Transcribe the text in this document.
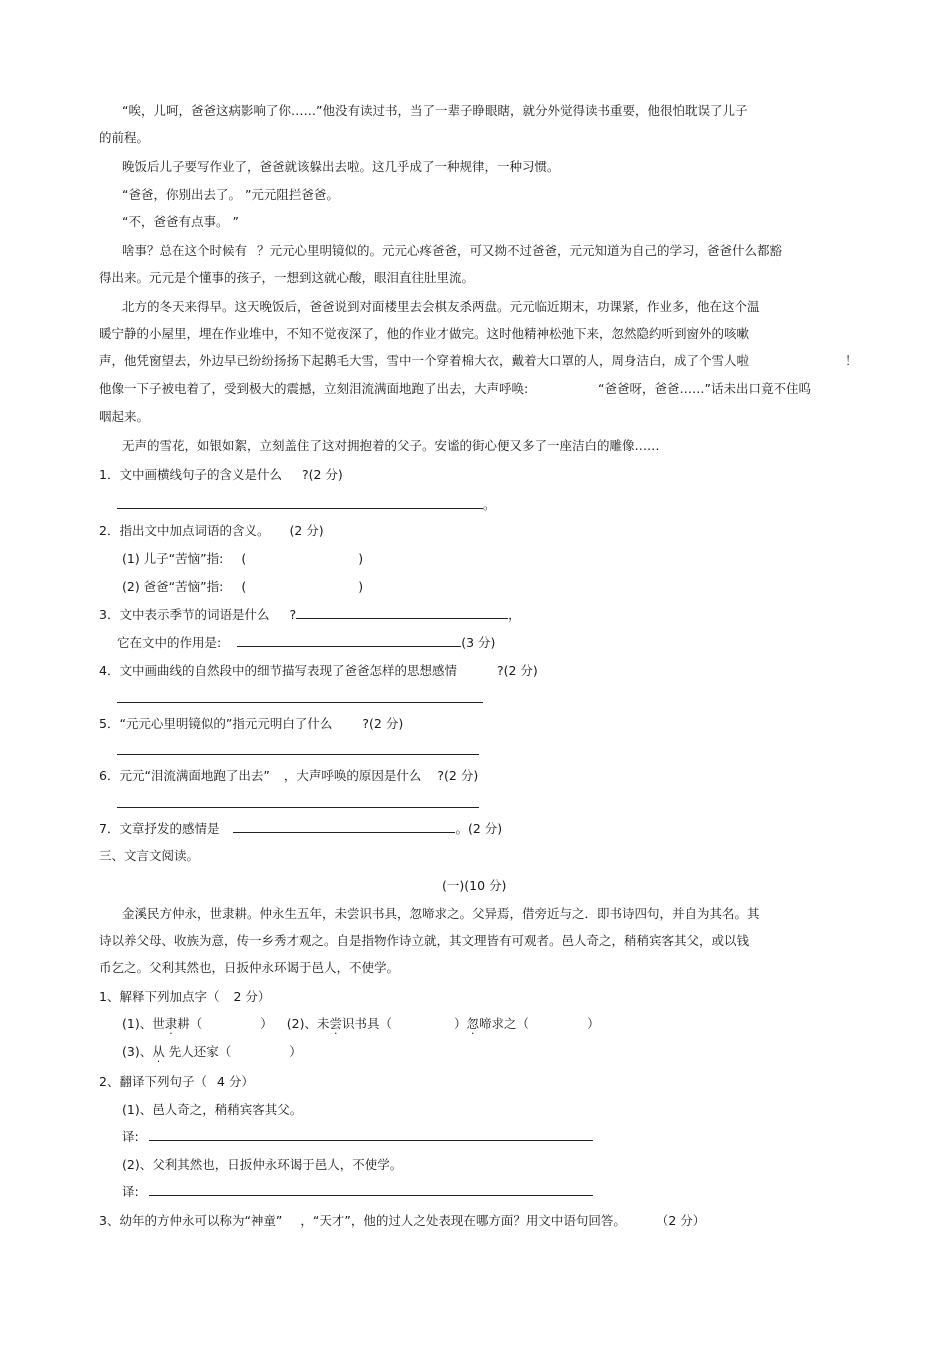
“唉，儿呵，爸爸这病影响了你……”他没有读过书，当了一辈子睁眼瞎，就分外觉得读书重要，他很怕耽误了儿子
的前程。
晚饭后儿子要写作业了，爸爸就该躲出去啦。这几乎成了一种规律，一种习惯。
“爸爸，你别出去了。 ”元元阻拦爸爸。
“不，爸爸有点事。 ”
啥事？总在这个时候有 ？元元心里明镜似的。元元心疼爸爸，可又拗不过爸爸，元元知道为自己的学习，爸爸什么都豁
得出来。元元是个懂事的孩子，一想到这就心酸，眼泪直往肚里流。
北方的冬天来得早。这天晚饭后，爸爸说到对面楼里去会棋友杀两盘。元元临近期末，功课紧，作业多，他在这个温
暖宁静的小屋里，埋在作业堆中，不知不觉夜深了，他的作业才做完。这时他精神松弛下来，忽然隐约听到窗外的咳嗽
声，他凭窗望去，外边早已纷纷扬扬下起鹅毛大雪，雪中一个穿着棉大衣，戴着大口罩的人，周身洁白，成了个雪人啦	！
他像一下子被电着了，受到极大的震撼，立刻泪流满面地跑了出去，大声呼唤:	“爸爸呀，爸爸……”话未出口竟不住呜
咽起来。
无声的雪花，如银如絮，立刻盖住了这对拥抱着的父子。安谧的街心便又多了一座洁白的雕像……
1．文中画横线句子的含义是什么 ?(2 分)
。
2．指出文中加点词语的含义。 (2 分)
(1) 儿子“苦恼”指: (	)
(2) 爸爸“苦恼”指: (	)
3．文中表示季节的词语是什么 ?	，
它在文中的作用是:	(3 分)
4．文中画曲线的自然段中的细节描写表现了爸爸怎样的思想感情	?(2 分)
5．“元元心里明镜似的”指元元明白了什么 ?(2 分)
6．元元“泪流满面地跑了出去” ，大声呼唤的原因是什么 ?(2 分)
7．文章抒发的感情是	。(2 分)
三、文言文阅读。
(一)(10 分)
金溪民方仲永，世隶耕。仲永生五年，未尝识书具，忽啼求之。父异焉，借旁近与之．即书诗四句，并自为其名。其
诗以养父母、收族为意，传一乡秀才观之。自是指物作诗立就，其文理皆有可观者。邑人奇之，稍稍宾客其父，或以钱
币乞之。父利其然也，日扳仲永环谒于邑人，不使学。
1、解释下列加点字（ 2 分）
(1)、世隶耕（	） (2)、未尝识书具（	）忽啼求之（	）
(3)、从 先人还家（	）
2、翻译下列句子（ 4 分）
(1)、邑人奇之，稍稍宾客其父。
译:
(2)、父利其然也，日扳仲永环谒于邑人，不使学。
译:
3、幼年的方仲永可以称为“神童” ，“天才”，他的过人之处表现在哪方面？用文中语句回答。 （2 分）
